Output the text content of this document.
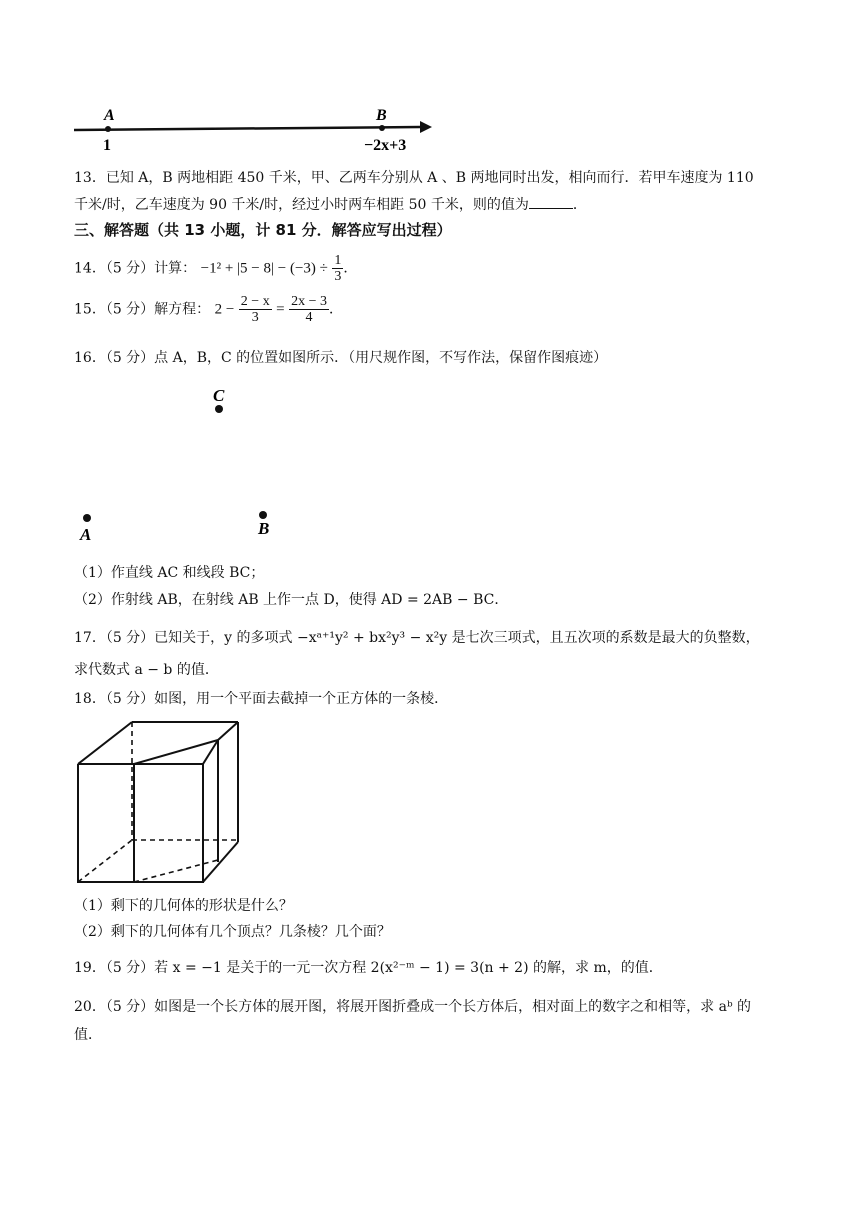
A
1
B
−2x+3
13．已知 A，B 两地相距 450 千米，甲、乙两车分别从 A 、B 两地同时出发，相向而行．若甲车速度为 110
千米/时，乙车速度为 90 千米/时，经过小时两车相距 50 千米，则的值为	．
三、解答题（共 13 小题，计 81 分．解答应写出过程）
14．（5 分）计算： $-1^2 + |5 - 8| - (-3) \div \frac{1}{3}$ ．
15．（5 分）解方程： $2 - \frac{2 - x}{3} = \frac{2x - 3}{4}$ ．
16．（5 分）点 A，B，C 的位置如图所示．（用尺规作图，不写作法，保留作图痕迹）
C
A	B
（1）作直线 AC 和线段 BC；
（2）作射线 AB，在射线 AB 上作一点 D，使得 AD = 2AB − BC．
17．（5 分）已知关于，y 的多项式 −xᵃ⁺¹y² + bx²y³ − x²y 是七次三项式，且五次项的系数是最大的负整数，
求代数式 a − b 的值．
18．（5 分）如图，用一个平面去截掉一个正方体的一条棱．
（1）剩下的几何体的形状是什么？
（2）剩下的几何体有几个顶点？几条棱？几个面？
19．（5 分）若 x = −1 是关于的一元一次方程 2(x²⁻ᵐ − 1) = 3(n + 2) 的解，求 m，的值．
20．（5 分）如图是一个长方体的展开图，将展开图折叠成一个长方体后，相对面上的数字之和相等，求 aᵇ 的
值．
